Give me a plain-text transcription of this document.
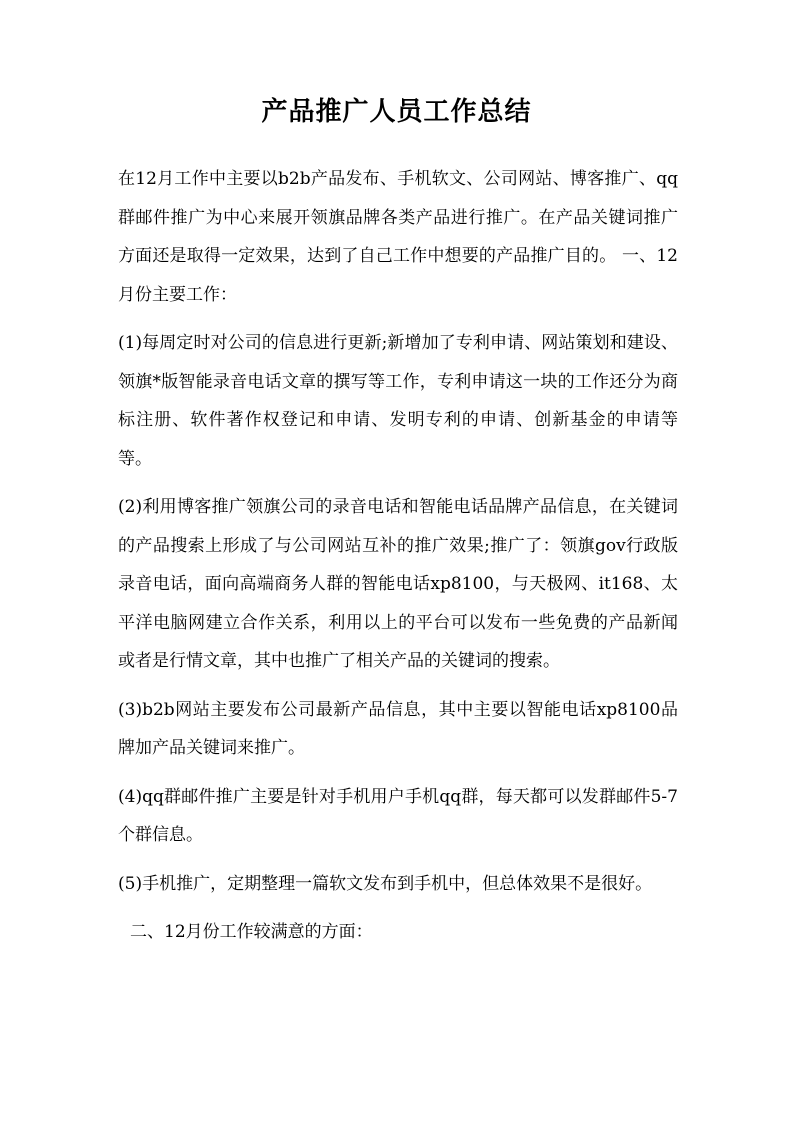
产品推广人员工作总结

在12月工作中主要以b2b产品发布、手机软文、公司网站、博客推广、qq群邮件推广为中心来展开领旗品牌各类产品进行推广。在产品关键词推广方面还是取得一定效果，达到了自己工作中想要的产品推广目的。 一、12月份主要工作：

(1)每周定时对公司的信息进行更新;新增加了专利申请、网站策划和建设、领旗*版智能录音电话文章的撰写等工作，专利申请这一块的工作还分为商标注册、软件著作权登记和申请、发明专利的申请、创新基金的申请等等。

(2)利用博客推广领旗公司的录音电话和智能电话品牌产品信息，在关键词的产品搜索上形成了与公司网站互补的推广效果;推广了：领旗gov行政版录音电话，面向高端商务人群的智能电话xp8100，与天极网、it168、太平洋电脑网建立合作关系，利用以上的平台可以发布一些免费的产品新闻或者是行情文章，其中也推广了相关产品的关键词的搜索。

(3)b2b网站主要发布公司最新产品信息，其中主要以智能电话xp8100品牌加产品关键词来推广。

(4)qq群邮件推广主要是针对手机用户手机qq群，每天都可以发群邮件5-7个群信息。

(5)手机推广，定期整理一篇软文发布到手机中，但总体效果不是很好。

二、12月份工作较满意的方面：
